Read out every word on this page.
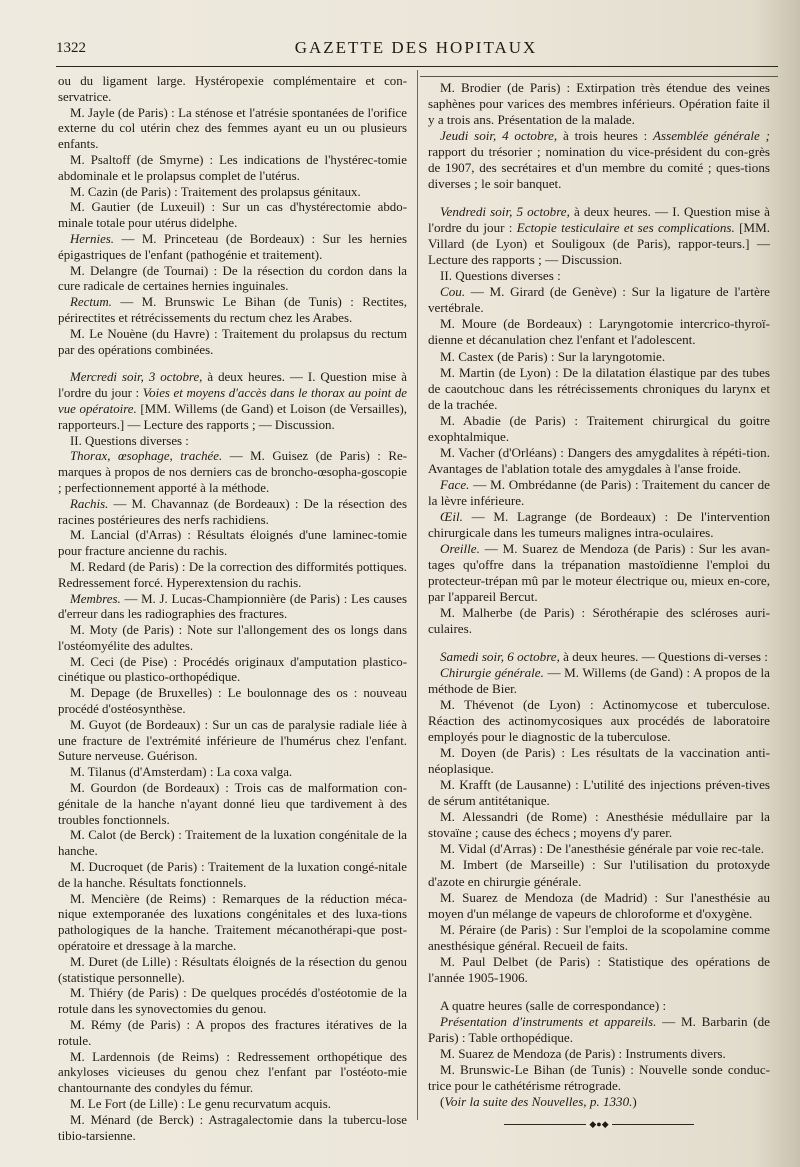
1322	GAZETTE DES HOPITAUX

ou du ligament large. Hystéropexie complémentaire et con-servatrice.

M. Jayle (de Paris) : La sténose et l'atrésie spontanées de l'orifice externe du col utérin chez des femmes ayant eu un ou plusieurs enfants.

M. Psaltoff (de Smyrne) : Les indications de l'hystérec-tomie abdominale et le prolapsus complet de l'utérus.

M. Cazin (de Paris) : Traitement des prolapsus génitaux.

M. Gautier (de Luxeuil) : Sur un cas d'hystérectomie abdo-minale totale pour utérus didelphe.

Hernies. — M. Princeteau (de Bordeaux) : Sur les hernies épigastriques de l'enfant (pathogénie et traitement).

M. Delangre (de Tournai) : De la résection du cordon dans la cure radicale de certaines hernies inguinales.

Rectum. — M. Brunswic Le Bihan (de Tunis) : Rectites, périrectites et rétrécissements du rectum chez les Arabes.

M. Le Nouène (du Havre) : Traitement du prolapsus du rectum par des opérations combinées.

Mercredi soir, 3 octobre, à deux heures. — I. Question mise à l'ordre du jour : Voies et moyens d'accès dans le thorax au point de vue opératoire. [MM. Willems (de Gand) et Loison (de Versailles), rapporteurs.] — Lecture des rapports ; — Discussion.

II. Questions diverses :

Thorax, œsophage, trachée. — M. Guisez (de Paris) : Re-marques à propos de nos derniers cas de broncho-œsopha-goscopie ; perfectionnement apporté à la méthode.

Rachis. — M. Chavannaz (de Bordeaux) : De la résection des racines postérieures des nerfs rachidiens.

M. Lancial (d'Arras) : Résultats éloignés d'une laminec-tomie pour fracture ancienne du rachis.

M. Redard (de Paris) : De la correction des difformités pottiques. Redressement forcé. Hyperextension du rachis.

Membres. — M. J. Lucas-Championnière (de Paris) : Les causes d'erreur dans les radiographies des fractures.

M. Moty (de Paris) : Note sur l'allongement des os longs dans l'ostéomyélite des adultes.

M. Ceci (de Pise) : Procédés originaux d'amputation plastico-cinétique ou plastico-orthopédique.

M. Depage (de Bruxelles) : Le boulonnage des os : nouveau procédé d'ostéosynthèse.

M. Guyot (de Bordeaux) : Sur un cas de paralysie radiale liée à une fracture de l'extrémité inférieure de l'humérus chez l'enfant. Suture nerveuse. Guérison.

M. Tilanus (d'Amsterdam) : La coxa valga.

M. Gourdon (de Bordeaux) : Trois cas de malformation con-génitale de la hanche n'ayant donné lieu que tardivement à des troubles fonctionnels.

M. Calot (de Berck) : Traitement de la luxation congénitale de la hanche.

M. Ducroquet (de Paris) : Traitement de la luxation congé-nitale de la hanche. Résultats fonctionnels.

M. Mencière (de Reims) : Remarques de la réduction méca-nique extemporanée des luxations congénitales et des luxa-tions pathologiques de la hanche. Traitement mécanothérapi-que post-opératoire et dressage à la marche.

M. Duret (de Lille) : Résultats éloignés de la résection du genou (statistique personnelle).

M. Thiéry (de Paris) : De quelques procédés d'ostéotomie de la rotule dans les synovectomies du genou.

M. Rémy (de Paris) : A propos des fractures itératives de la rotule.

M. Lardennois (de Reims) : Redressement orthopétique des ankyloses vicieuses du genou chez l'enfant par l'ostéoto-mie chantournante des condyles du fémur.

M. Le Fort (de Lille) : Le genu recurvatum acquis.

M. Ménard (de Berck) : Astragalectomie dans la tubercu-lose tibio-tarsienne.

M. Brodier (de Paris) : Extirpation très étendue des veines saphènes pour varices des membres inférieurs. Opération faite il y a trois ans. Présentation de la malade.

Jeudi soir, 4 octobre, à trois heures : Assemblée générale ; rapport du trésorier ; nomination du vice-président du con-grès de 1907, des secrétaires et d'un membre du comité ; ques-tions diverses ; le soir banquet.

Vendredi soir, 5 octobre, à deux heures. — I. Question mise à l'ordre du jour : Ectopie testiculaire et ses complications. [MM. Villard (de Lyon) et Souligoux (de Paris), rappor-teurs.] — Lecture des rapports ; — Discussion.

II. Questions diverses :

Cou. — M. Girard (de Genève) : Sur la ligature de l'artère vertébrale.

M. Moure (de Bordeaux) : Laryngotomie intercrico-thyroï-dienne et décanulation chez l'enfant et l'adolescent.

M. Castex (de Paris) : Sur la laryngotomie.

M. Martin (de Lyon) : De la dilatation élastique par des tubes de caoutchouc dans les rétrécissements chroniques du larynx et de la trachée.

M. Abadie (de Paris) : Traitement chirurgical du goitre exophtalmique.

M. Vacher (d'Orléans) : Dangers des amygdalites à répéti-tion. Avantages de l'ablation totale des amygdales à l'anse froide.

Face. — M. Ombrédanne (de Paris) : Traitement du cancer de la lèvre inférieure.

Œil. — M. Lagrange (de Bordeaux) : De l'intervention chirurgicale dans les tumeurs malignes intra-oculaires.

Oreille. — M. Suarez de Mendoza (de Paris) : Sur les avan-tages qu'offre dans la trépanation mastoïdienne l'emploi du protecteur-trépan mû par le moteur électrique ou, mieux en-core, par l'appareil Bercut.

M. Malherbe (de Paris) : Sérothérapie des scléroses auri-culaires.

Samedi soir, 6 octobre, à deux heures. — Questions di-verses :

Chirurgie générale. — M. Willems (de Gand) : A propos de la méthode de Bier.

M. Thévenot (de Lyon) : Actinomycose et tuberculose. Réaction des actinomycosiques aux procédés de laboratoire employés pour le diagnostic de la tuberculose.

M. Doyen (de Paris) : Les résultats de la vaccination anti-néoplasique.

M. Krafft (de Lausanne) : L'utilité des injections préven-tives de sérum antitétanique.

M. Alessandri (de Rome) : Anesthésie médullaire par la stovaïne ; cause des échecs ; moyens d'y parer.

M. Vidal (d'Arras) : De l'anesthésie générale par voie rec-tale.

M. Imbert (de Marseille) : Sur l'utilisation du protoxyde d'azote en chirurgie générale.

M. Suarez de Mendoza (de Madrid) : Sur l'anesthésie au moyen d'un mélange de vapeurs de chloroforme et d'oxygène.

M. Péraire (de Paris) : Sur l'emploi de la scopolamine comme anesthésique général. Recueil de faits.

M. Paul Delbet (de Paris) : Statistique des opérations de l'année 1905-1906.

A quatre heures (salle de correspondance) :

Présentation d'instruments et appareils. — M. Barbarin (de Paris) : Table orthopédique.

M. Suarez de Mendoza (de Paris) : Instruments divers.

M. Brunswic-Le Bihan (de Tunis) : Nouvelle sonde conduc-trice pour le cathétérisme rétrograde.

(Voir la suite des Nouvelles, p. 1330.)

◆●◆
